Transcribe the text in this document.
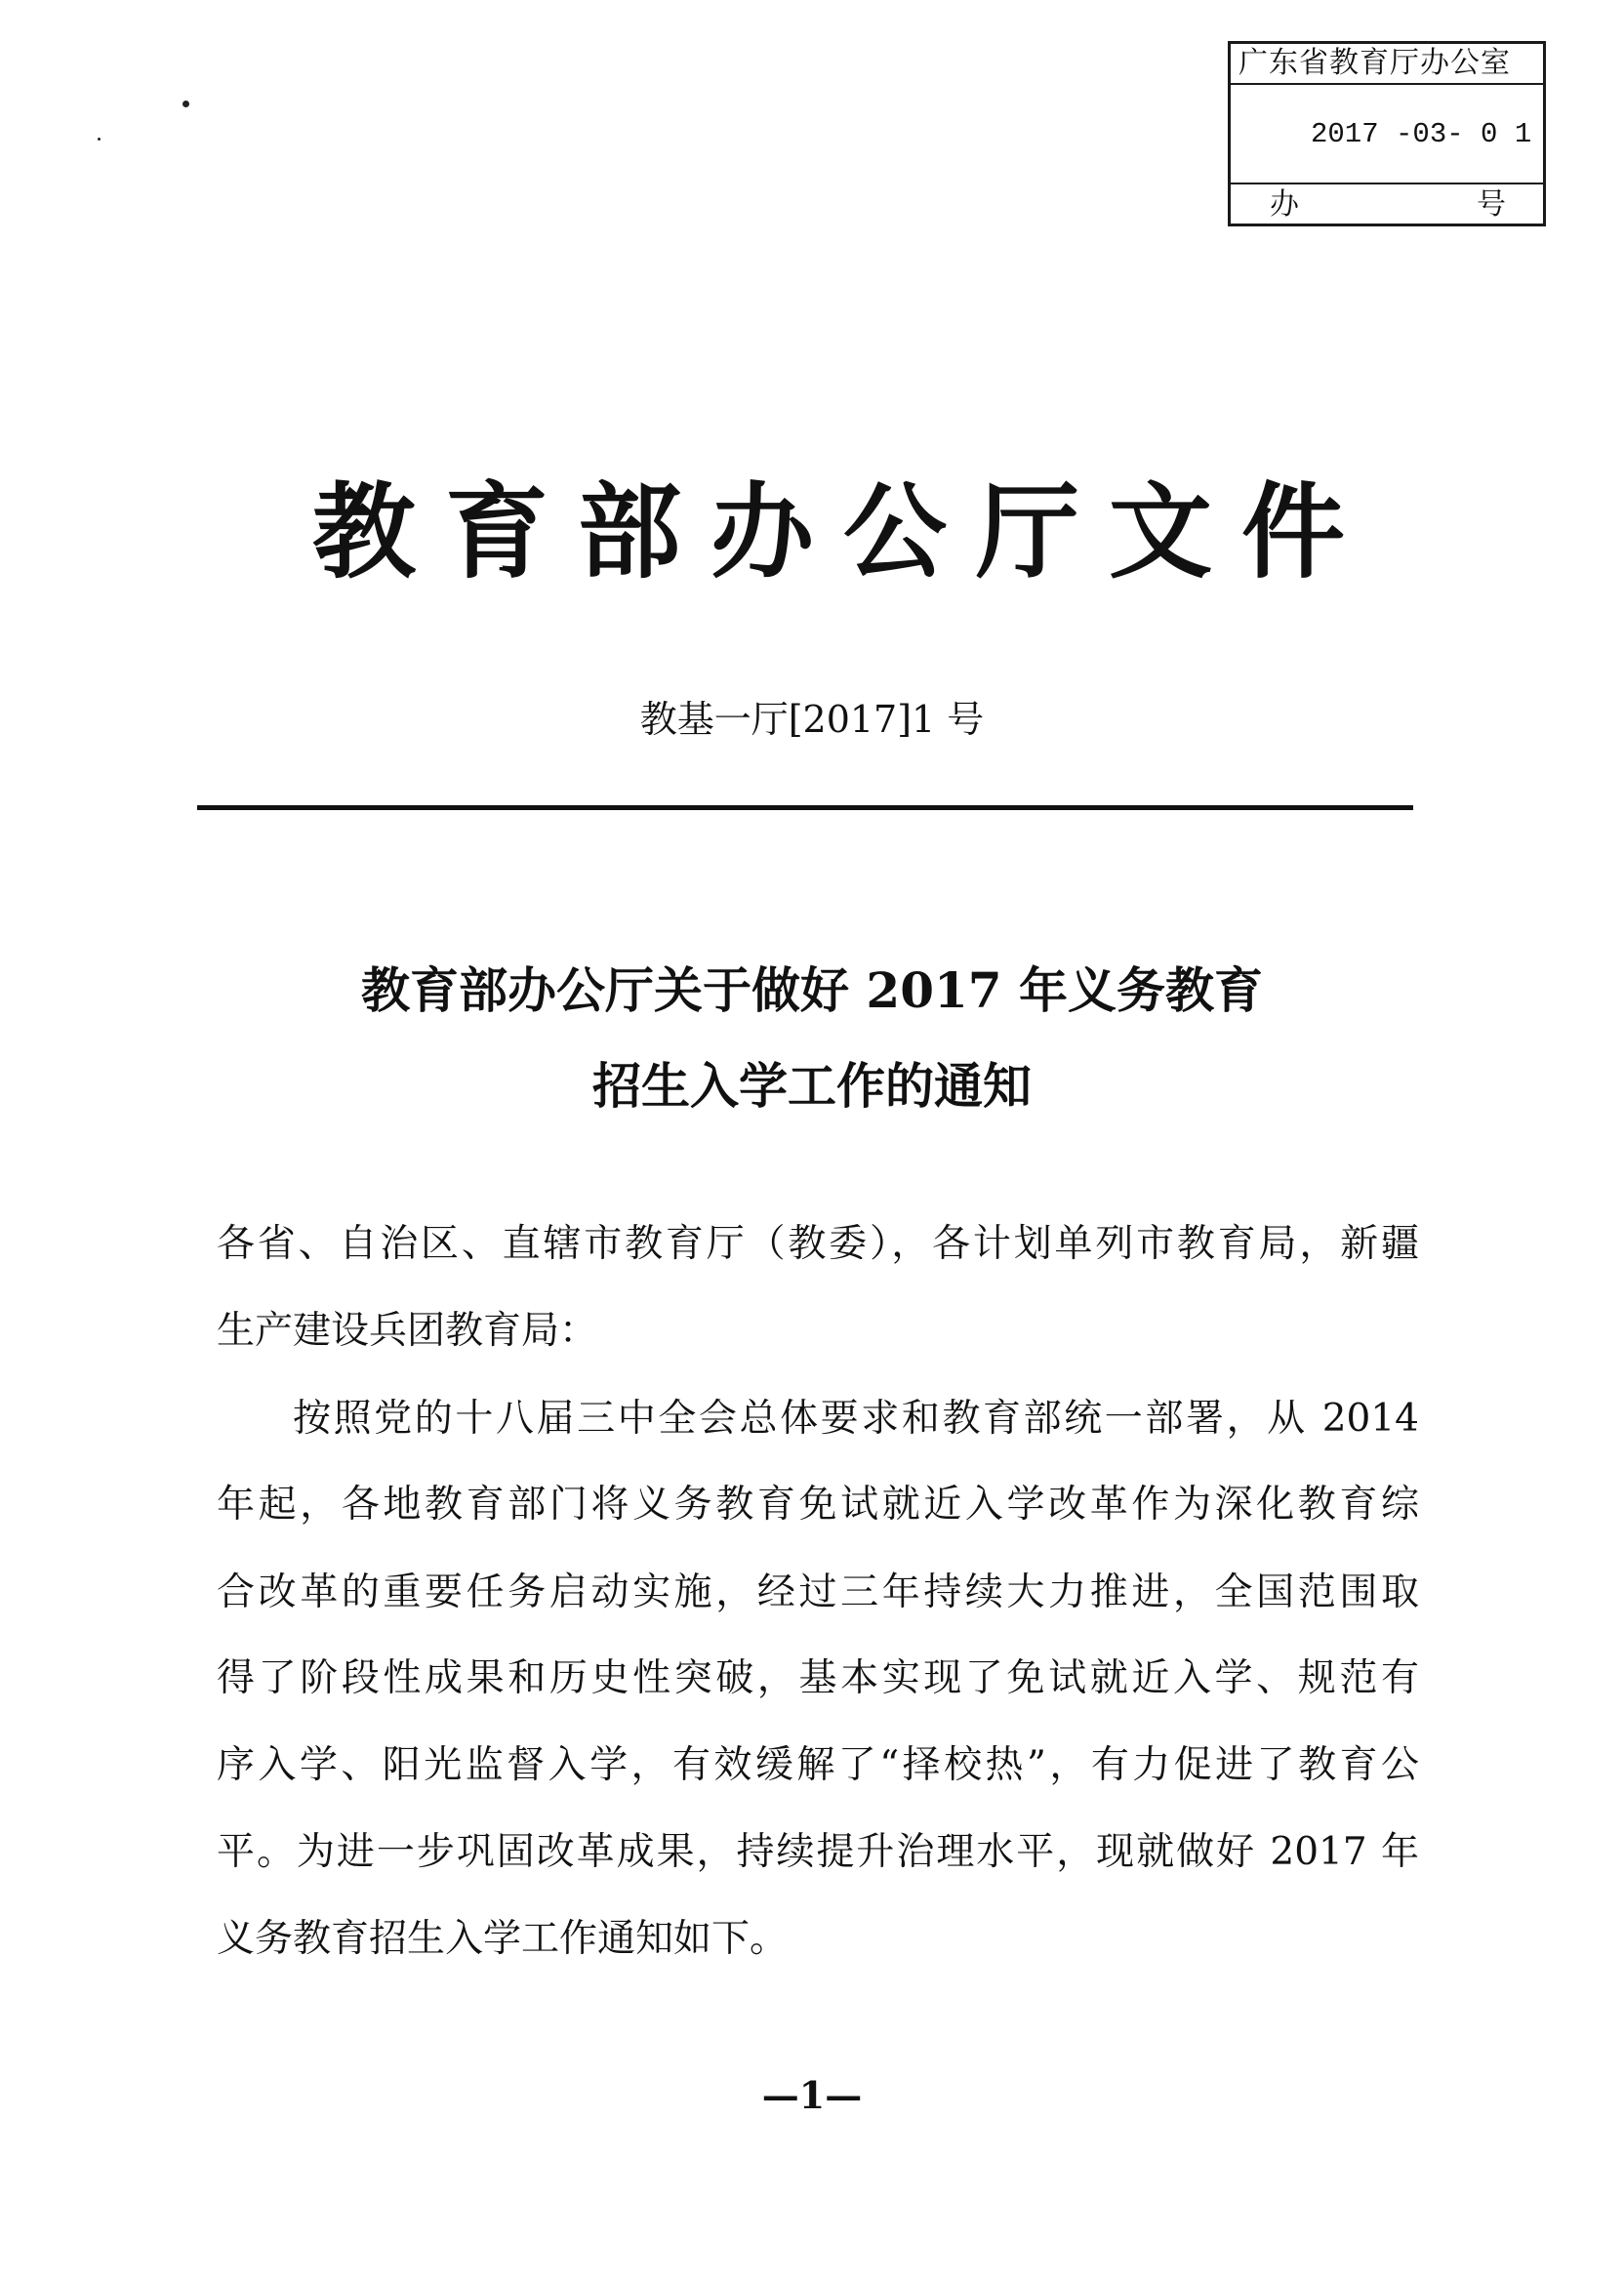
广东省教育厅办公室
2017 -03- 0 1
办	号
教育部办公厅文件
教基一厅[2017]1 号
教育部办公厅关于做好 2017 年义务教育
招生入学工作的通知
各省、自治区、直辖市教育厅（教委），各计划单列市教育局，新疆
生产建设兵团教育局：
按照党的十八届三中全会总体要求和教育部统一部署，从 2014
年起，各地教育部门将义务教育免试就近入学改革作为深化教育综
合改革的重要任务启动实施，经过三年持续大力推进，全国范围取
得了阶段性成果和历史性突破，基本实现了免试就近入学、规范有
序入学、阳光监督入学，有效缓解了“择校热”，有力促进了教育公
平。为进一步巩固改革成果，持续提升治理水平，现就做好 2017 年
义务教育招生入学工作通知如下。
—1—
